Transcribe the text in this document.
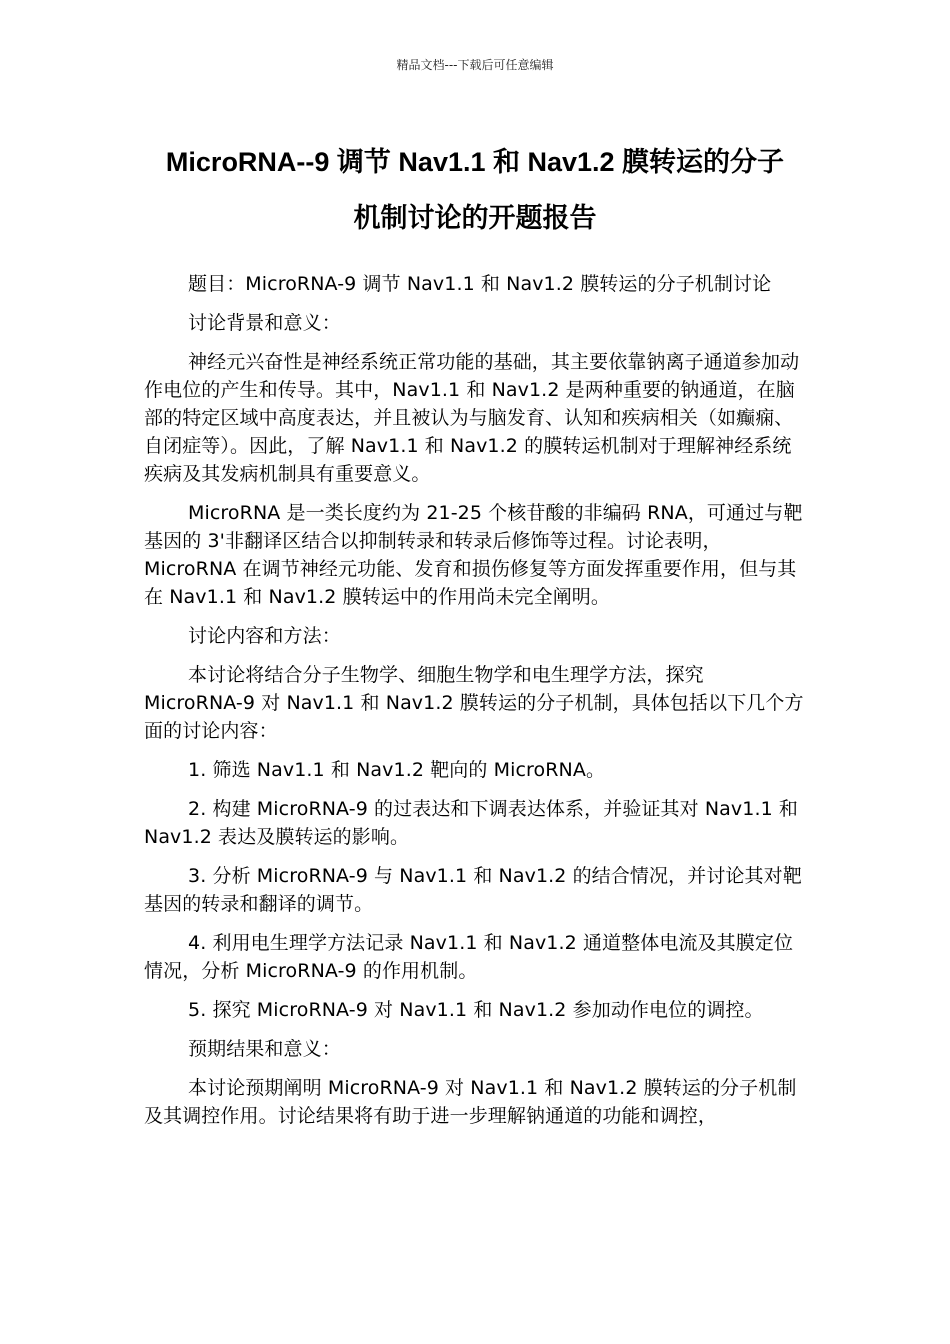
精品文档---下载后可任意编辑
MicroRNA--9 调节 Nav1.1 和 Nav1.2 膜转运的分子
机制讨论的开题报告

题目：MicroRNA-9 调节 Nav1.1 和 Nav1.2 膜转运的分子机制讨论

讨论背景和意义：

神经元兴奋性是神经系统正常功能的基础，其主要依靠钠离子通道参加动作电位的产生和传导。其中，Nav1.1 和 Nav1.2 是两种重要的钠通道，在脑部的特定区域中高度表达，并且被认为与脑发育、认知和疾病相关（如癫痫、自闭症等）。因此，了解 Nav1.1 和 Nav1.2 的膜转运机制对于理解神经系统疾病及其发病机制具有重要意义。

MicroRNA 是一类长度约为 21-25 个核苷酸的非编码 RNA，可通过与靶基因的 3'非翻译区结合以抑制转录和转录后修饰等过程。讨论表明，MicroRNA 在调节神经元功能、发育和损伤修复等方面发挥重要作用，但与其在 Nav1.1 和 Nav1.2 膜转运中的作用尚未完全阐明。

讨论内容和方法：

本讨论将结合分子生物学、细胞生物学和电生理学方法，探究 MicroRNA-9 对 Nav1.1 和 Nav1.2 膜转运的分子机制，具体包括以下几个方面的讨论内容：

1. 筛选 Nav1.1 和 Nav1.2 靶向的 MicroRNA。

2. 构建 MicroRNA-9 的过表达和下调表达体系，并验证其对 Nav1.1 和 Nav1.2 表达及膜转运的影响。

3. 分析 MicroRNA-9 与 Nav1.1 和 Nav1.2 的结合情况，并讨论其对靶基因的转录和翻译的调节。

4. 利用电生理学方法记录 Nav1.1 和 Nav1.2 通道整体电流及其膜定位情况，分析 MicroRNA-9 的作用机制。

5. 探究 MicroRNA-9 对 Nav1.1 和 Nav1.2 参加动作电位的调控。

预期结果和意义：

本讨论预期阐明 MicroRNA-9 对 Nav1.1 和 Nav1.2 膜转运的分子机制及其调控作用。讨论结果将有助于进一步理解钠通道的功能和调控，
